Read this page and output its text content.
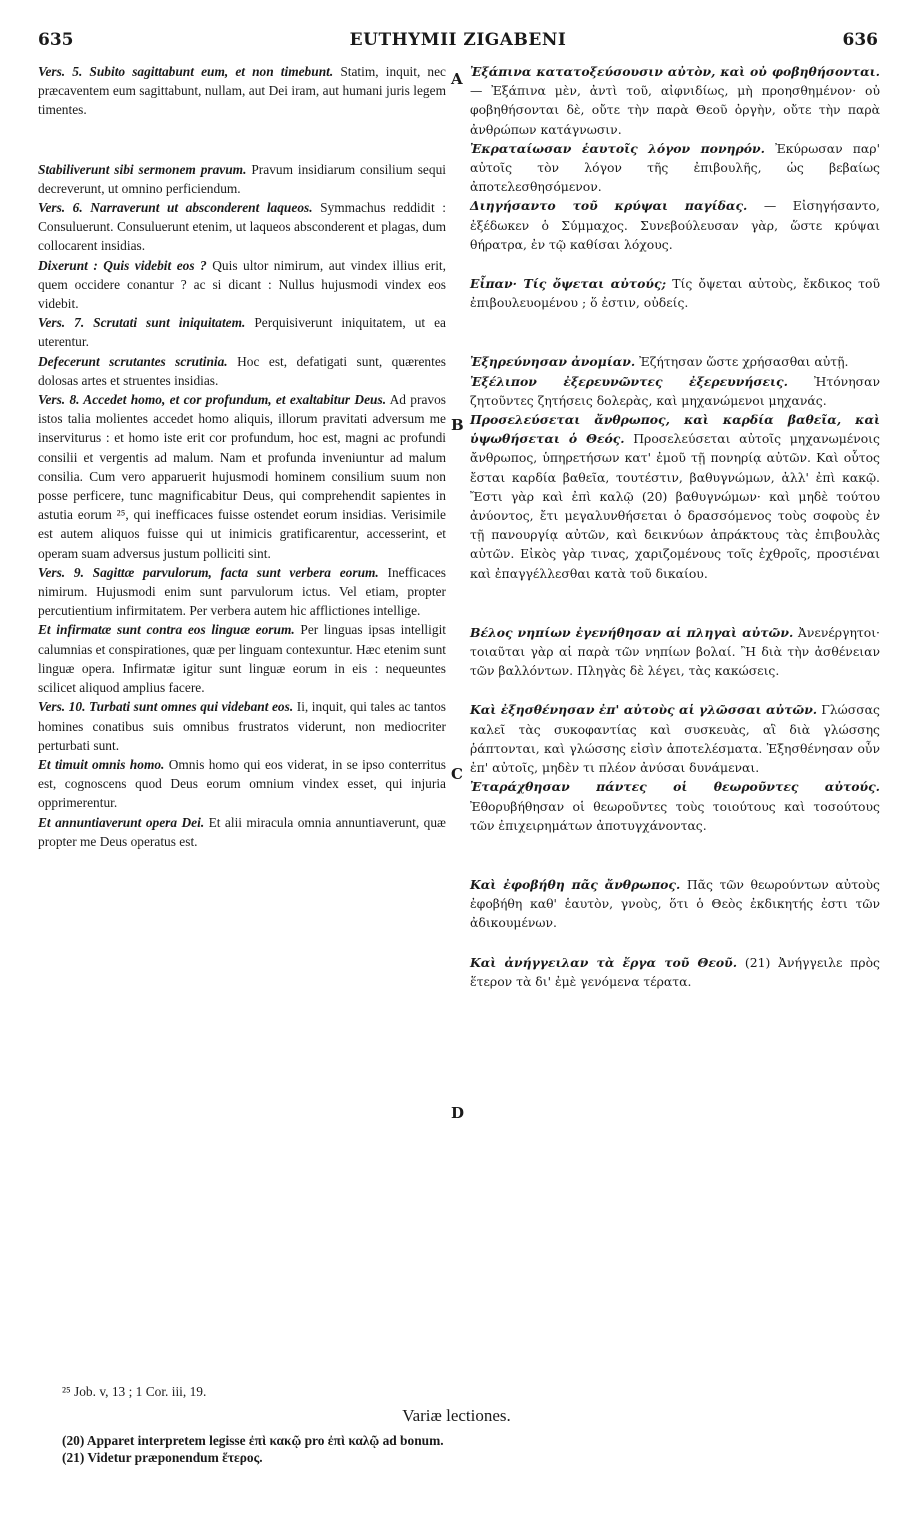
635	EUTHYMII ZIGABENI	636

Vers. 5. Subito sagittabunt eum, et non timebunt. Statim, inquit, nec præcaventem eum sagittabunt, nullam, aut Dei iram, aut humani juris legem timentes.

Stabiliverunt sibi sermonem pravum. Pravum insidiarum consilium sequi decreverunt, ut omnino perficiendum.

Vers. 6. Narraverunt ut absconderent laqueos. Symmachus reddidit : Consuluerunt. Consuluerunt etenim, ut laqueos absconderent et plagas, dum collocarent insidias.

Dixerunt : Quis videbit eos ? Quis ultor nimirum, aut vindex illius erit, quem occidere conantur ? ac si dicant : Nullus hujusmodi vindex eos videbit.

Vers. 7. Scrutati sunt iniquitatem. Perquisiverunt iniquitatem, ut ea uterentur.

Defecerunt scrutantes scrutinia. Hoc est, defatigati sunt, quærentes dolosas artes et struentes insidias.

Vers. 8. Accedet homo, et cor profundum, et exaltabitur Deus. Ad pravos istos talia molientes accedet homo aliquis, illorum pravitati adversum me inserviturus : et homo iste erit cor profundum, hoc est, magni ac profundi consilii et vergentis ad malum. Nam et profunda inveniuntur ad malum consilia. Cum vero apparuerit hujusmodi hominem consilium suum non posse perficere, tunc magnificabitur Deus, qui comprehendit sapientes in astutia eorum ²⁵, qui inefficaces fuisse ostendet eorum insidias. Verisimile est autem aliquos fuisse qui ut inimicis gratificarentur, accesserint, et operam suam adversus justum polliciti sint.

Vers. 9. Sagittæ parvulorum, facta sunt verbera eorum. Inefficaces nimirum. Hujusmodi enim sunt parvulorum ictus. Vel etiam, propter percutientium infirmitatem. Per verbera autem hic afflictiones intellige.

Et infirmatæ sunt contra eos linguæ eorum. Per linguas ipsas intelligit calumnias et conspirationes, quæ per linguam contexuntur. Hæc etenim sunt linguæ opera. Infirmatæ igitur sunt linguæ eorum in eis : nequeuntes scilicet aliquod amplius facere.

Vers. 10. Turbati sunt omnes qui videbant eos. Ii, inquit, qui tales ac tantos homines conatibus suis omnibus frustratos viderunt, non mediocriter perturbati sunt.

Et timuit omnis homo. Omnis homo qui eos viderat, in se ipso conterritus est, cognoscens quod Deus eorum omnium vindex esset, qui injuria opprimerentur.

Et annuntiaverunt opera Dei. Et alii miracula omnia annuntiaverunt, quæ propter me Deus operatus est.

Ἐξάπινα κατατοξεύσουσιν αὐτὸν, καὶ οὐ φοβηθήσονται. — Ἐξάπινα μὲν, ἀντὶ τοῦ, αἰφνιδίως, μὴ προησθημένον· οὐ φοβηθήσονται δὲ, οὔτε τὴν παρὰ Θεοῦ ὀργὴν, οὔτε τὴν παρὰ ἀνθρώπων κατάγνωσιν.

Ἐκραταίωσαν ἑαυτοῖς λόγον πονηρόν. Ἐκύρωσαν παρ' αὐτοῖς τὸν λόγον τῆς ἐπιβουλῆς, ὡς βεβαίως ἀποτελεσθησόμενον.

Διηγήσαντο τοῦ κρύψαι παγίδας. — Εἰσηγήσαντο, ἐξέδωκεν ὁ Σύμμαχος. Συνεβούλευσαν γὰρ, ὥστε κρύψαι θήρατρα, ἐν τῷ καθίσαι λόχους.

Εἶπαν· Τίς ὄψεται αὐτούς; Τίς ὄψεται αὐτοὺς, ἔκδικος τοῦ ἐπιβουλευομένου ; ὅ ἐστιν, οὐδείς.

Ἐξηρεύνησαν ἀνομίαν. Ἐζήτησαν ὥστε χρήσασθαι αὐτῇ.

Ἐξέλιπον ἐξερευνῶντες ἐξερευνήσεις. Ἠτόνησαν ζητοῦντες ζητήσεις δολερὰς, καὶ μηχανώμενοι μηχανάς.

Προσελεύσεται ἄνθρωπος, καὶ καρδία βαθεῖα, καὶ ὑψωθήσεται ὁ Θεός. Προσελεύσεται αὐτοῖς μηχανωμένοις ἄνθρωπος, ὑπηρετήσων κατ' ἐμοῦ τῇ πονηρίᾳ αὐτῶν. Καὶ οὗτος ἔσται καρδία βαθεῖα, τουτέστιν, βαθυγνώμων, ἀλλ' ἐπὶ κακῷ. Ἔστι γὰρ καὶ ἐπὶ καλῷ (20) βαθυγνώμων· καὶ μηδὲ τούτου ἀνύοντος, ἔτι μεγαλυνθήσεται ὁ δρασσόμενος τοὺς σοφοὺς ἐν τῇ πανουργίᾳ αὐτῶν, καὶ δεικνύων ἀπράκτους τὰς ἐπιβουλὰς αὐτῶν. Εἰκὸς γὰρ τινας, χαριζομένους τοῖς ἐχθροῖς, προσιέναι καὶ ἐπαγγέλλεσθαι κατὰ τοῦ δικαίου.

Βέλος νηπίων ἐγενήθησαν αἱ πληγαὶ αὐτῶν. Ἀνενέργητοι· τοιαῦται γὰρ αἱ παρὰ τῶν νηπίων βολαί. Ἢ διὰ τὴν ἀσθένειαν τῶν βαλλόντων. Πληγὰς δὲ λέγει, τὰς κακώσεις.

Καὶ ἐξησθένησαν ἐπ' αὐτοὺς αἱ γλῶσσαι αὐτῶν. Γλώσσας καλεῖ τὰς συκοφαντίας καὶ συσκευὰς, αἳ διὰ γλώσσης ῥάπτονται, καὶ γλώσσης εἰσὶν ἀποτελέσματα. Ἐξησθένησαν οὖν ἐπ' αὐτοῖς, μηδὲν τι πλέον ἀνύσαι δυνάμεναι.

Ἐταράχθησαν πάντες οἱ θεωροῦντες αὐτούς. Ἐθορυβήθησαν οἱ θεωροῦντες τοὺς τοιούτους καὶ τοσούτους τῶν ἐπιχειρημάτων ἀποτυγχάνοντας.

Καὶ ἐφοβήθη πᾶς ἄνθρωπος. Πᾶς τῶν θεωρούντων αὐτοὺς ἐφοβήθη καθ' ἑαυτὸν, γνοὺς, ὅτι ὁ Θεὸς ἐκδικητής ἐστι τῶν ἀδικουμένων.

Καὶ ἀνήγγειλαν τὰ ἔργα τοῦ Θεοῦ. (21) Ἀνήγγειλε πρὸς ἕτερον τὰ δι' ἐμὲ γενόμενα τέρατα.

A
B
C
D
²⁵ Job. v, 13 ; 1 Cor. iii, 19.
Variæ lectiones.
(20) Apparet interpretem legisse ἐπὶ κακῷ pro ἐπὶ καλῷ ad bonum.
(21) Videtur præponendum ἕτερος.
